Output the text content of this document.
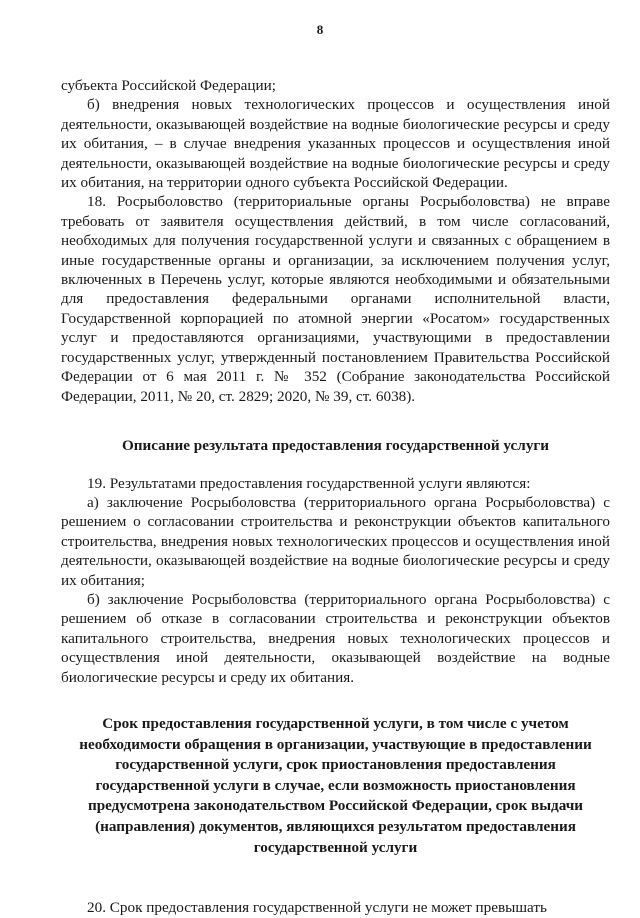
8

субъекта Российской Федерации;

б) внедрения новых технологических процессов и осуществления иной деятельности, оказывающей воздействие на водные биологические ресурсы и среду их обитания, – в случае внедрения указанных процессов и осуществления иной деятельности, оказывающей воздействие на водные биологические ресурсы и среду их обитания, на территории одного субъекта Российской Федерации.

18. Росрыболовство (территориальные органы Росрыболовства) не вправе требовать от заявителя осуществления действий, в том числе согласований, необходимых для получения государственной услуги и связанных с обращением в иные государственные органы и организации, за исключением получения услуг, включенных в Перечень услуг, которые являются необходимыми и обязательными для предоставления федеральными органами исполнительной власти, Государственной корпорацией по атомной энергии «Росатом» государственных услуг и предоставляются организациями, участвующими в предоставлении государственных услуг, утвержденный постановлением Правительства Российской Федерации от 6 мая 2011 г. № 352 (Собрание законодательства Российской Федерации, 2011, № 20, ст. 2829; 2020, № 39, ст. 6038).

Описание результата предоставления государственной услуги

19. Результатами предоставления государственной услуги являются:

а) заключение Росрыболовства (территориального органа Росрыболовства) с решением о согласовании строительства и реконструкции объектов капитального строительства, внедрения новых технологических процессов и осуществления иной деятельности, оказывающей воздействие на водные биологические ресурсы и среду их обитания;

б) заключение Росрыболовства (территориального органа Росрыболовства) с решением об отказе в согласовании строительства и реконструкции объектов капитального строительства, внедрения новых технологических процессов и осуществления иной деятельности, оказывающей воздействие на водные биологические ресурсы и среду их обитания.

Срок предоставления государственной услуги, в том числе с учетом необходимости обращения в организации, участвующие в предоставлении государственной услуги, срок приостановления предоставления государственной услуги в случае, если возможность приостановления предусмотрена законодательством Российской Федерации, срок выдачи (направления) документов, являющихся результатом предоставления государственной услуги

20. Срок предоставления государственной услуги не может превышать
